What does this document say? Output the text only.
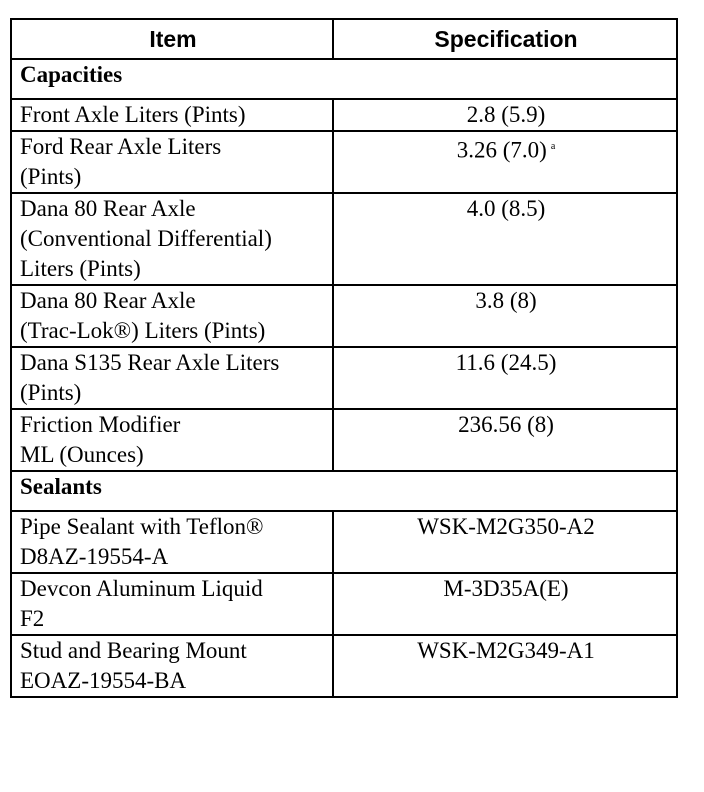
Item	Specification
Capacities	

Front Axle Liters (Pints)	2.8 (5.9)

Ford Rear Axle Liters
(Pints)	3.26 (7.0) $^a$

Dana 80 Rear Axle
(Conventional Differential)
Liters (Pints)	4.0 (8.5)

Dana 80 Rear Axle
(Trac-Lok®) Liters (Pints)	3.8 (8)

Dana S135 Rear Axle Liters
(Pints)	11.6 (24.5)

Friction Modifier
ML (Ounces)	236.56 (8)
Sealants	

Pipe Sealant with Teflon®
D8AZ-19554-A	WSK-M2G350-A2

Devcon Aluminum Liquid
F2	M-3D35A(E)

Stud and Bearing Mount
EOAZ-19554-BA	WSK-M2G349-A1
